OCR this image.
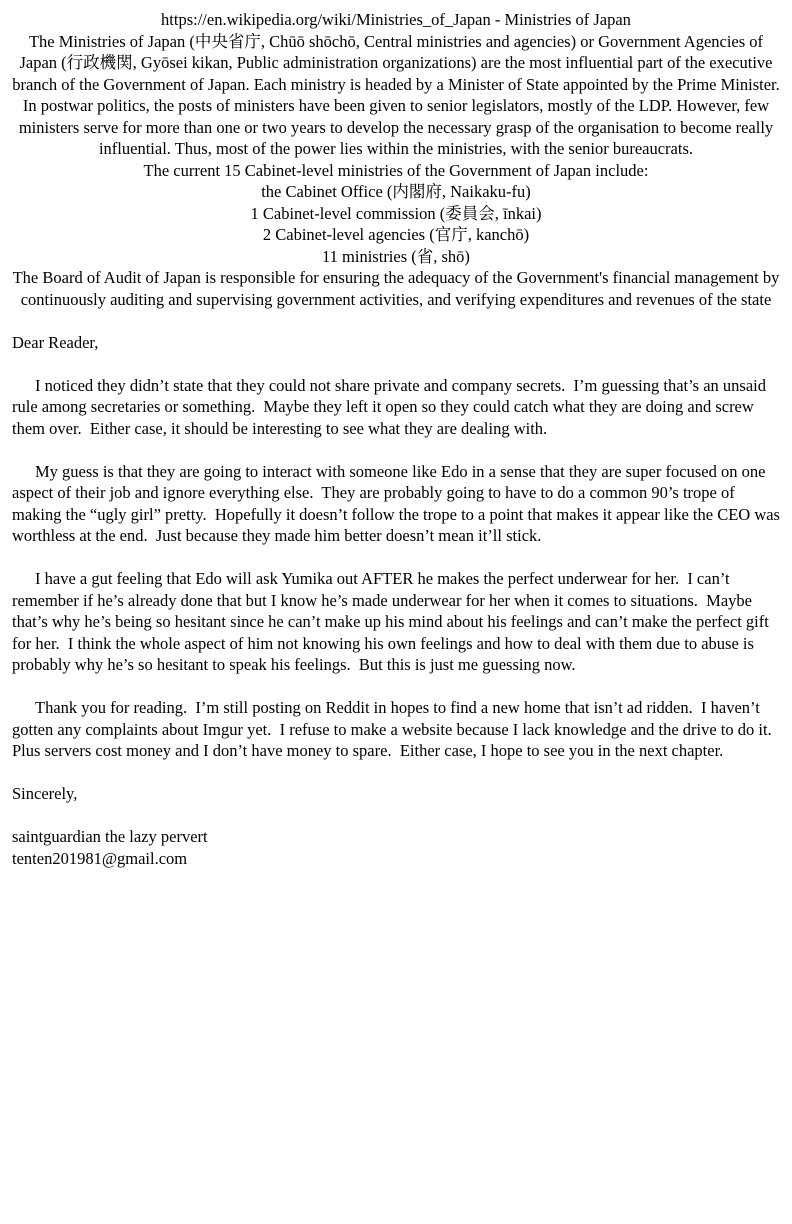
https://en.wikipedia.org/wiki/Ministries_of_Japan - Ministries of Japan
The Ministries of Japan (中央省庁, Chūō shōchō, Central ministries and agencies) or Government Agencies of Japan (行政機関, Gyōsei kikan, Public administration organizations) are the most influential part of the executive branch of the Government of Japan. Each ministry is headed by a Minister of State appointed by the Prime Minister. In postwar politics, the posts of ministers have been given to senior legislators, mostly of the LDP. However, few ministers serve for more than one or two years to develop the necessary grasp of the organisation to become really influential. Thus, most of the power lies within the ministries, with the senior bureaucrats.
The current 15 Cabinet-level ministries of the Government of Japan include:
the Cabinet Office (内閣府, Naikaku-fu)
1 Cabinet-level commission (委員会, īnkai)
2 Cabinet-level agencies (官庁, kanchō)
11 ministries (省, shō)
The Board of Audit of Japan is responsible for ensuring the adequacy of the Government's financial management by continuously auditing and supervising government activities, and verifying expenditures and revenues of the state

Dear Reader,

I noticed they didn’t state that they could not share private and company secrets.  I’m guessing that’s an unsaid rule among secretaries or something.  Maybe they left it open so they could catch what they are doing and screw them over.  Either case, it should be interesting to see what they are dealing with.

My guess is that they are going to interact with someone like Edo in a sense that they are super focused on one aspect of their job and ignore everything else.  They are probably going to have to do a common 90’s trope of making the “ugly girl” pretty.  Hopefully it doesn’t follow the trope to a point that makes it appear like the CEO was worthless at the end.  Just because they made him better doesn’t mean it’ll stick.

I have a gut feeling that Edo will ask Yumika out AFTER he makes the perfect underwear for her.  I can’t remember if he’s already done that but I know he’s made underwear for her when it comes to situations.  Maybe that’s why he’s being so hesitant since he can’t make up his mind about his feelings and can’t make the perfect gift for her.  I think the whole aspect of him not knowing his own feelings and how to deal with them due to abuse is probably why he’s so hesitant to speak his feelings.  But this is just me guessing now.

Thank you for reading.  I’m still posting on Reddit in hopes to find a new home that isn’t ad ridden.  I haven’t gotten any complaints about Imgur yet.  I refuse to make a website because I lack knowledge and the drive to do it.  Plus servers cost money and I don’t have money to spare.  Either case, I hope to see you in the next chapter.

Sincerely,

saintguardian the lazy pervert

tenten201981@gmail.com
